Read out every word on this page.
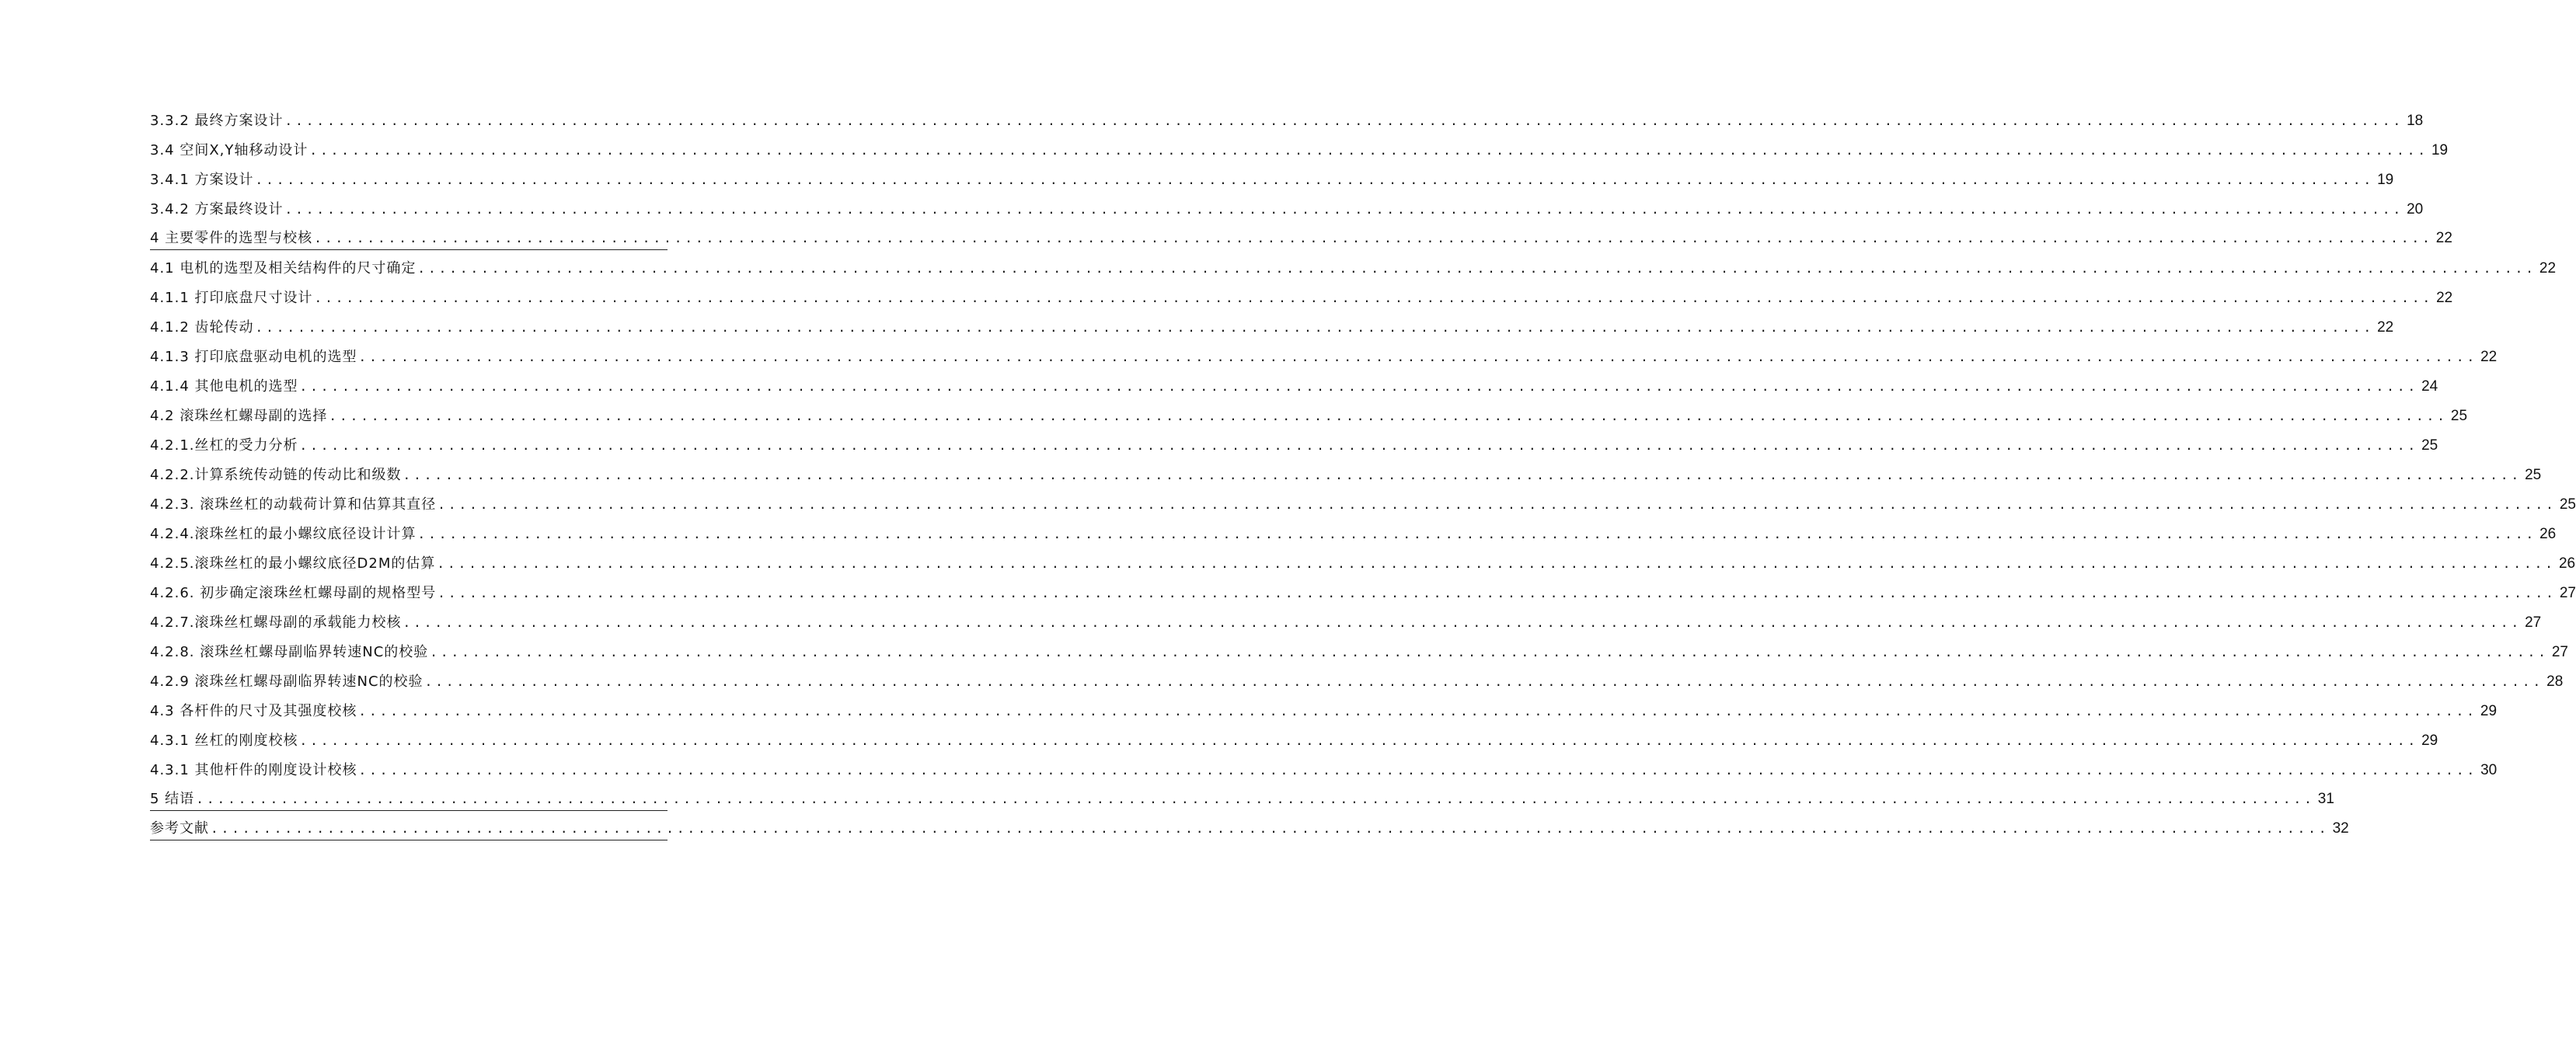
3.3.2 最终方案设计 ........................................................................................................................................................................................................ 18
3.4 空间X,Y轴移动设计 ........................................................................................................................................................................................................ 19
3.4.1 方案设计 ........................................................................................................................................................................................................ 19
3.4.2 方案最终设计 ........................................................................................................................................................................................................ 20
4 主要零件的选型与校核 ........................................................................................................................................................................................................ 22
4.1 电机的选型及相关结构件的尺寸确定 ........................................................................................................................................................................................................ 22
4.1.1 打印底盘尺寸设计 ........................................................................................................................................................................................................ 22
4.1.2 齿轮传动 ........................................................................................................................................................................................................ 22
4.1.3 打印底盘驱动电机的选型 ........................................................................................................................................................................................................ 22
4.1.4 其他电机的选型 ........................................................................................................................................................................................................ 24
4.2 滚珠丝杠螺母副的选择 ........................................................................................................................................................................................................ 25
4.2.1.丝杠的受力分析 ........................................................................................................................................................................................................ 25
4.2.2.计算系统传动链的传动比和级数 ........................................................................................................................................................................................................ 25
4.2.3. 滚珠丝杠的动载荷计算和估算其直径 ........................................................................................................................................................................................................ 25
4.2.4.滚珠丝杠的最小螺纹底径设计计算 ........................................................................................................................................................................................................ 26
4.2.5.滚珠丝杠的最小螺纹底径D2M的估算 ........................................................................................................................................................................................................ 26
4.2.6. 初步确定滚珠丝杠螺母副的规格型号 ........................................................................................................................................................................................................ 27
4.2.7.滚珠丝杠螺母副的承载能力校核 ........................................................................................................................................................................................................ 27
4.2.8. 滚珠丝杠螺母副临界转速NC的校验 ........................................................................................................................................................................................................ 27
4.2.9 滚珠丝杠螺母副临界转速NC的校验 ........................................................................................................................................................................................................ 28
4.3 各杆件的尺寸及其强度校核 ........................................................................................................................................................................................................ 29
4.3.1 丝杠的刚度校核 ........................................................................................................................................................................................................ 29
4.3.1 其他杆件的刚度设计校核 ........................................................................................................................................................................................................ 30
5 结语 ........................................................................................................................................................................................................ 31
参考文献 ........................................................................................................................................................................................................ 32
